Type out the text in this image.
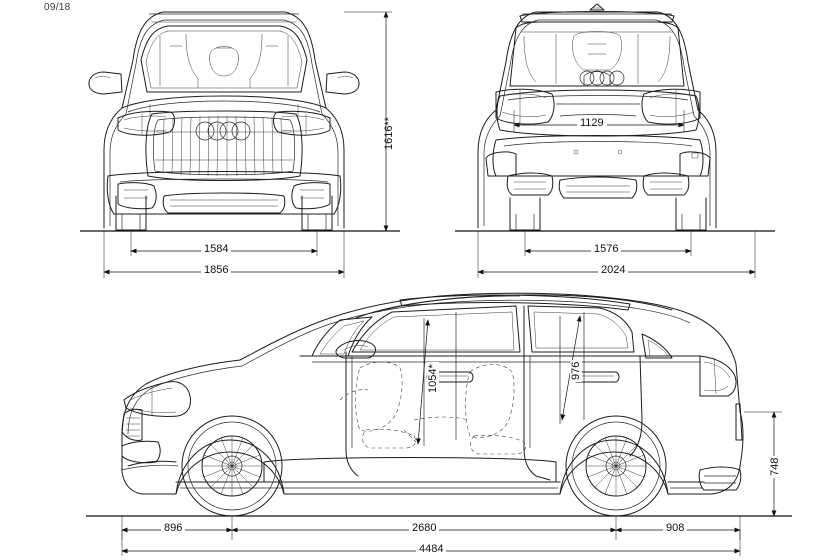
09/18
1616**
1584
1856
1129
1576
2024
1054*	976
748
896	2680	908
4484
